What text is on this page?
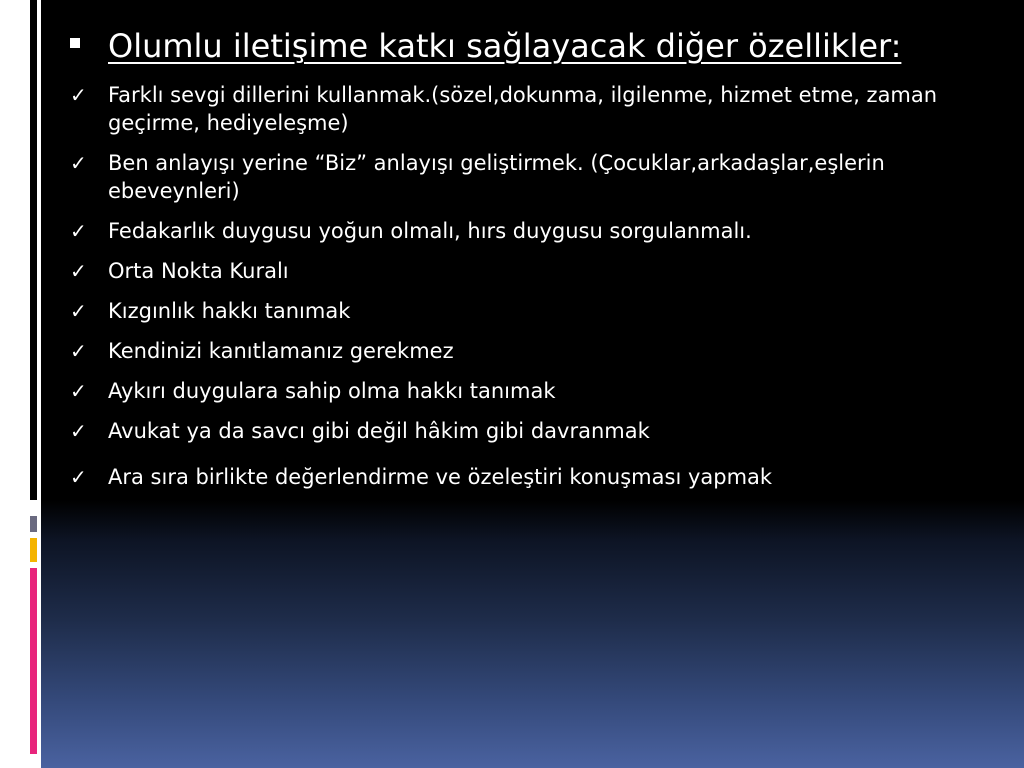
Olumlu iletişime katkı sağlayacak diğer özellikler:
✓ Farklı sevgi dillerini kullanmak.(sözel,dokunma, ilgilenme, hizmet etme, zaman geçirme, hediyeleşme)
✓ Ben anlayışı yerine “Biz” anlayışı geliştirmek. (Çocuklar,arkadaşlar,eşlerin ebeveynleri)
✓ Fedakarlık duygusu yoğun olmalı, hırs duygusu sorgulanmalı.
✓ Orta Nokta Kuralı
✓ Kızgınlık hakkı tanımak
✓ Kendinizi kanıtlamanız gerekmez
✓ Aykırı duygulara sahip olma hakkı tanımak
✓ Avukat ya da savcı gibi değil hâkim gibi davranmak
✓ Ara sıra birlikte değerlendirme ve özeleştiri konuşması yapmak
